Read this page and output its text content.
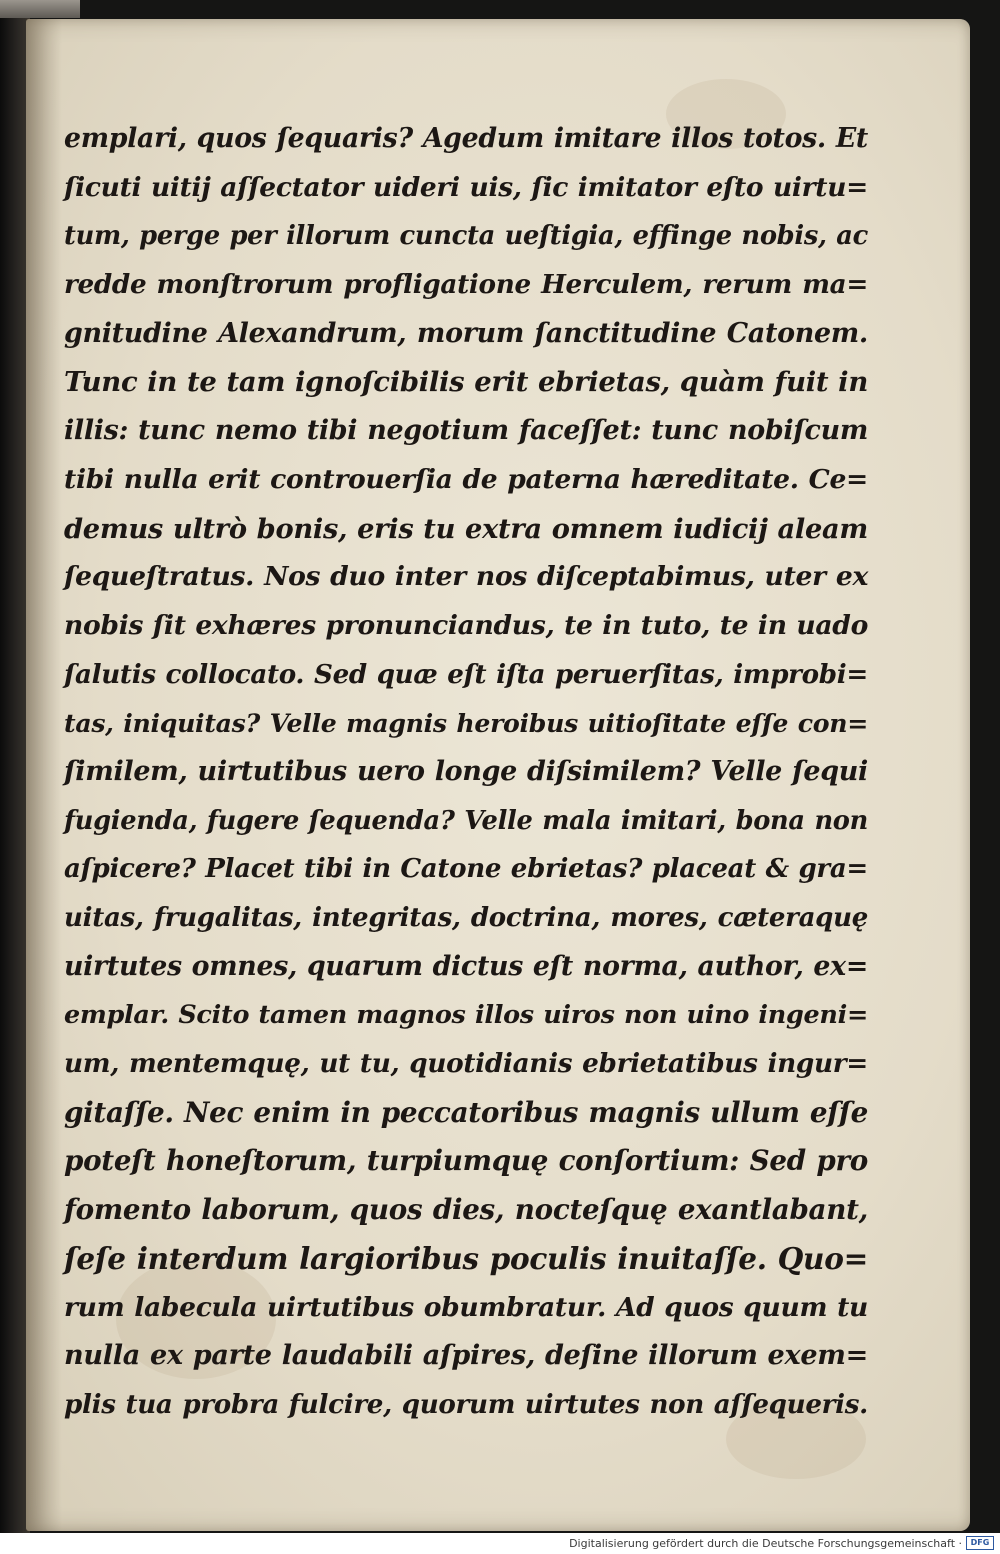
emplari, quos ſequaris? Agedum imitare illos totos. Et
ſicuti uitij aſſectator uideri uis, ſic imitator eſto uirtu=
tum, perge per illorum cuncta ueſtigia, effinge nobis, ac
redde monſtrorum profligatione Herculem, rerum ma=
gnitudine Alexandrum, morum ſanctitudine Catonem.
Tunc in te tam ignoſcibilis erit ebrietas, quàm fuit in
illis: tunc nemo tibi negotium faceſſet: tunc nobiſcum
tibi nulla erit controuerſia de paterna hæreditate. Ce=
demus ultrò bonis, eris tu extra omnem iudicij aleam
ſequeſtratus. Nos duo inter nos diſceptabimus, uter ex
nobis ſit exhæres pronunciandus, te in tuto, te in uado
ſalutis collocato. Sed quæ eſt iſta peruerſitas, improbi=
tas, iniquitas? Velle magnis heroibus uitioſitate eſſe con=
ſimilem, uirtutibus uero longe diſsimilem? Velle ſequi
fugienda, fugere ſequenda? Velle mala imitari, bona non
aſpicere? Placet tibi in Catone ebrietas? placeat & gra=
uitas, frugalitas, integritas, doctrina, mores, cæteraquę
uirtutes omnes, quarum dictus eſt norma, author, ex=
emplar. Scito tamen magnos illos uiros non uino ingeni=
um, mentemquę, ut tu, quotidianis ebrietatibus ingur=
gitaſſe. Nec enim in peccatoribus magnis ullum eſſe
poteſt honeſtorum, turpiumquę conſortium: Sed pro
fomento laborum, quos dies, nocteſquę exantlabant,
ſeſe interdum largioribus poculis inuitaſſe. Quo=
rum labecula uirtutibus obumbratur. Ad quos quum tu
nulla ex parte laudabili aſpires, deſine illorum exem=
plis tua probra fulcire, quorum uirtutes non aſſequeris.
Digitalisierung gefördert durch die Deutsche Forschungsgemeinschaft ·	DFG
